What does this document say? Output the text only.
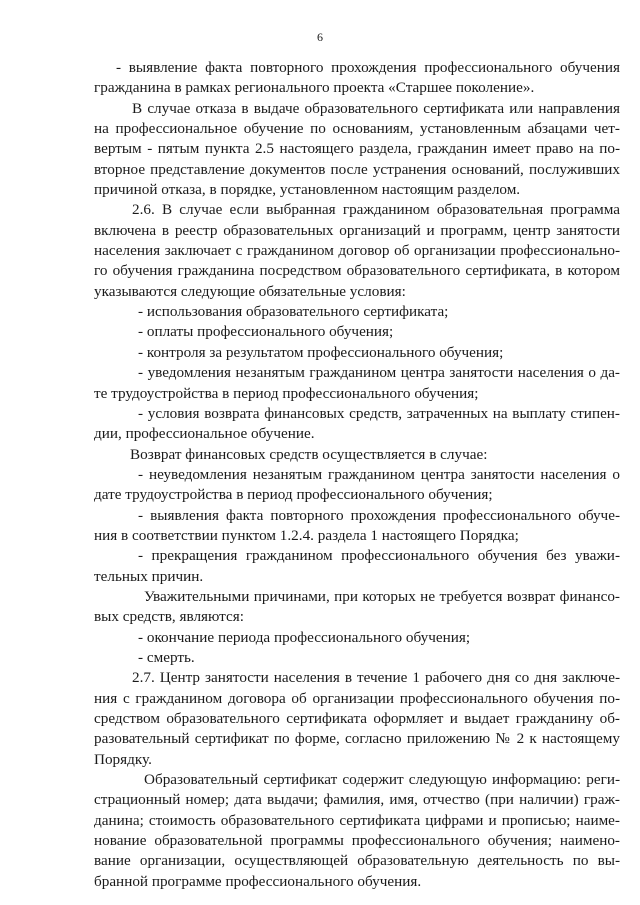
6
- выявление факта повторного прохождения профессионального обучения
гражданина в рамках регионального проекта «Старшее поколение».
В случае отказа в выдаче образовательного сертификата или направления
на профессиональное обучение по основаниям, установленным абзацами чет-
вертым - пятым пункта 2.5 настоящего раздела, гражданин имеет право на по-
вторное представление документов после устранения оснований, послуживших
причиной отказа, в порядке, установленном настоящим разделом.
2.6. В случае если выбранная гражданином образовательная программа
включена в реестр образовательных организаций и программ, центр занятости
населения заключает с гражданином договор об организации профессионально-
го обучения гражданина посредством образовательного сертификата, в котором
указываются следующие обязательные условия:
- использования образовательного сертификата;
- оплаты профессионального обучения;
- контроля за результатом профессионального обучения;
- уведомления незанятым гражданином центра занятости населения о да-
те трудоустройства в период профессионального обучения;
- условия возврата финансовых средств, затраченных на выплату стипен-
дии, профессиональное обучение.
Возврат финансовых средств осуществляется в случае:
- неуведомления незанятым гражданином центра занятости населения о
дате трудоустройства в период профессионального обучения;
- выявления факта повторного прохождения профессионального обуче-
ния в соответствии пунктом 1.2.4. раздела 1 настоящего Порядка;
- прекращения гражданином профессионального обучения без уважи-
тельных причин.
Уважительными причинами, при которых не требуется возврат финансо-
вых средств, являются:
- окончание периода профессионального обучения;
- смерть.
2.7. Центр занятости населения в течение 1 рабочего дня со дня заключе-
ния с гражданином договора об организации профессионального обучения по-
средством образовательного сертификата оформляет и выдает гражданину об-
разовательный сертификат по форме, согласно приложению № 2 к настоящему
Порядку.
Образовательный сертификат содержит следующую информацию: реги-
страционный номер; дата выдачи; фамилия, имя, отчество (при наличии) граж-
данина; стоимость образовательного сертификата цифрами и прописью; наиме-
нование образовательной программы профессионального обучения; наимено-
вание организации, осуществляющей образовательную деятельность по вы-
бранной программе профессионального обучения.
